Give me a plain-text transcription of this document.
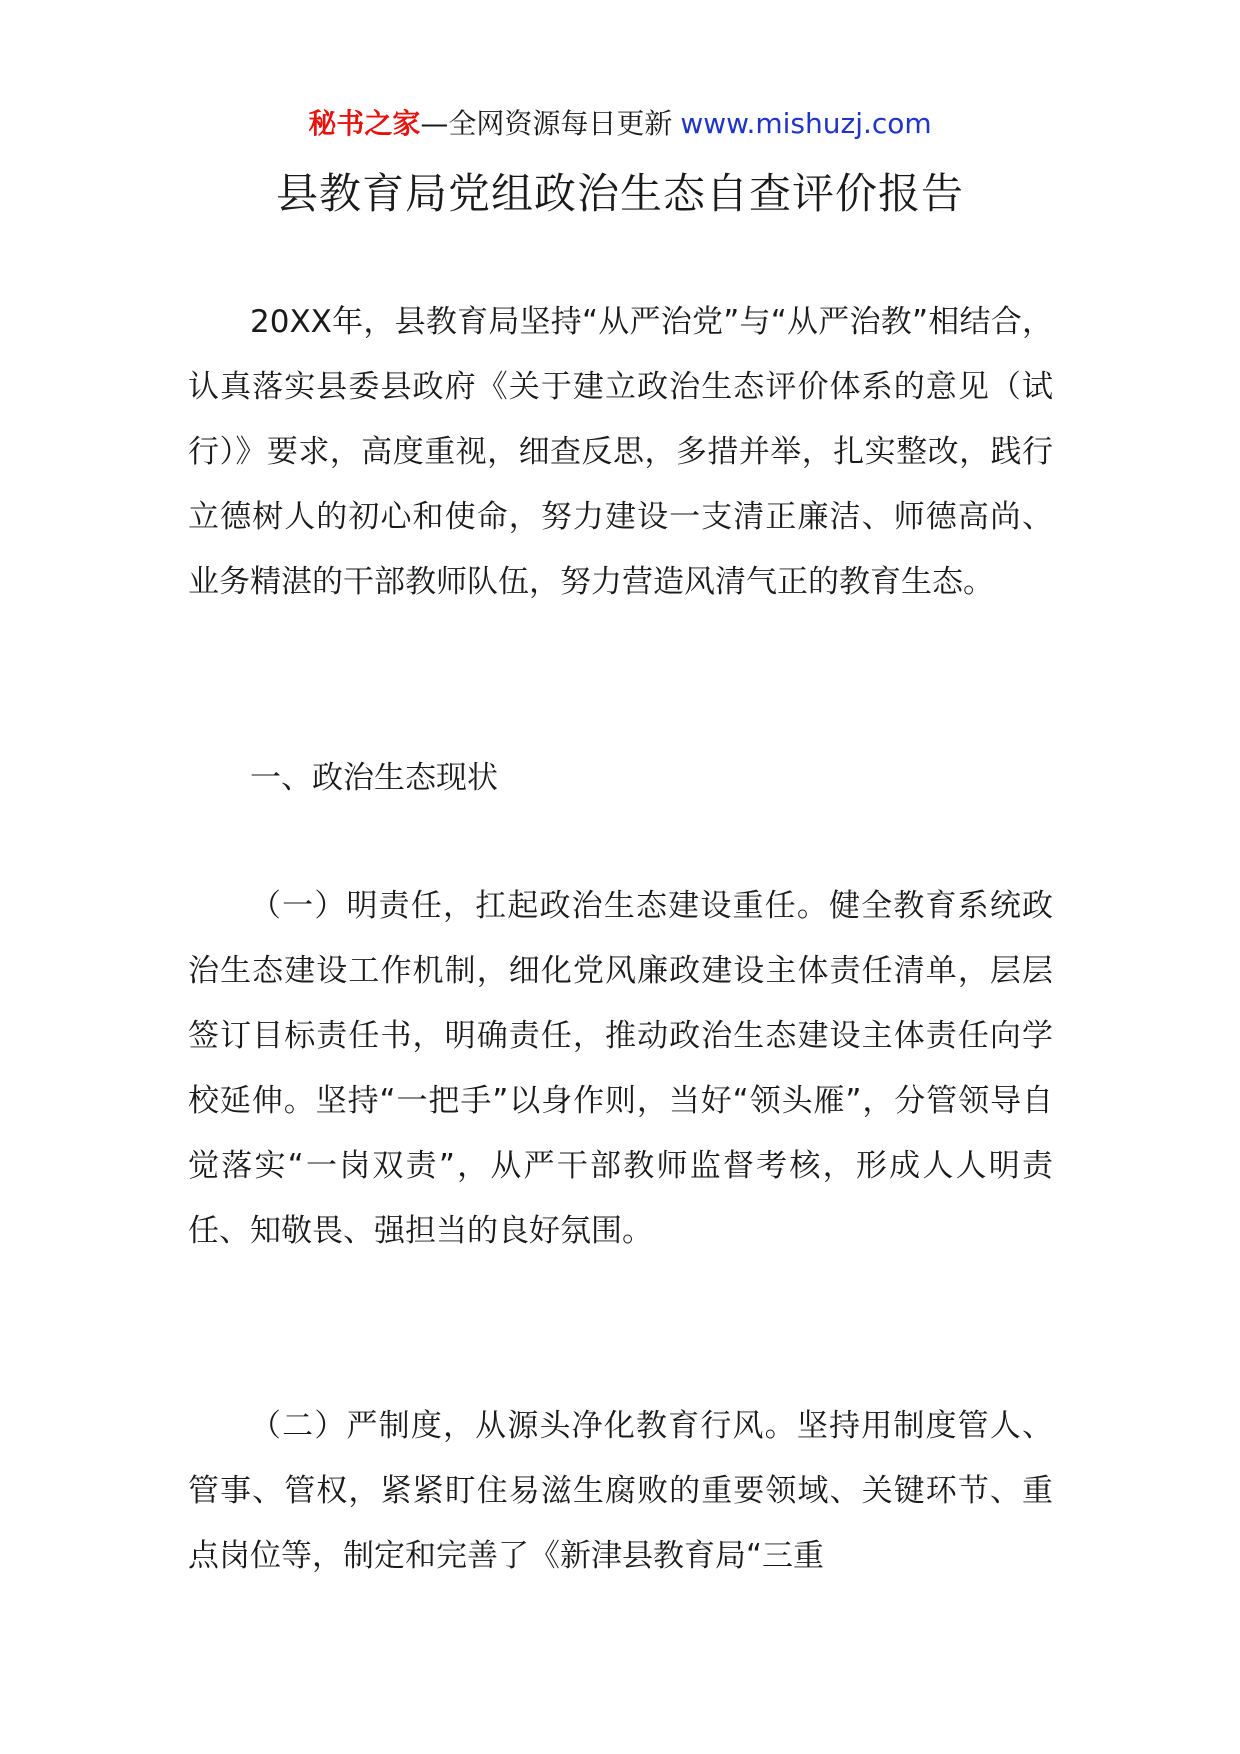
秘书之家—全网资源每日更新 www.mishuzj.com
县教育局党组政治生态自查评价报告

20XX年，县教育局坚持“从严治党”与“从严治教”相结合，认真落实县委县政府《关于建立政治生态评价体系的意见（试行）》要求，高度重视，细查反思，多措并举，扎实整改，践行立德树人的初心和使命，努力建设一支清正廉洁、师德高尚、业务精湛的干部教师队伍，努力营造风清气正的教育生态。

一、政治生态现状

（一）明责任，扛起政治生态建设重任。健全教育系统政治生态建设工作机制，细化党风廉政建设主体责任清单，层层签订目标责任书，明确责任，推动政治生态建设主体责任向学校延伸。坚持“一把手”以身作则，当好“领头雁”，分管领导自觉落实“一岗双责”，从严干部教师监督考核，形成人人明责任、知敬畏、强担当的良好氛围。

（二）严制度，从源头净化教育行风。坚持用制度管人、管事、管权，紧紧盯住易滋生腐败的重要领域、关键环节、重点岗位等，制定和完善了《新津县教育局“三重
